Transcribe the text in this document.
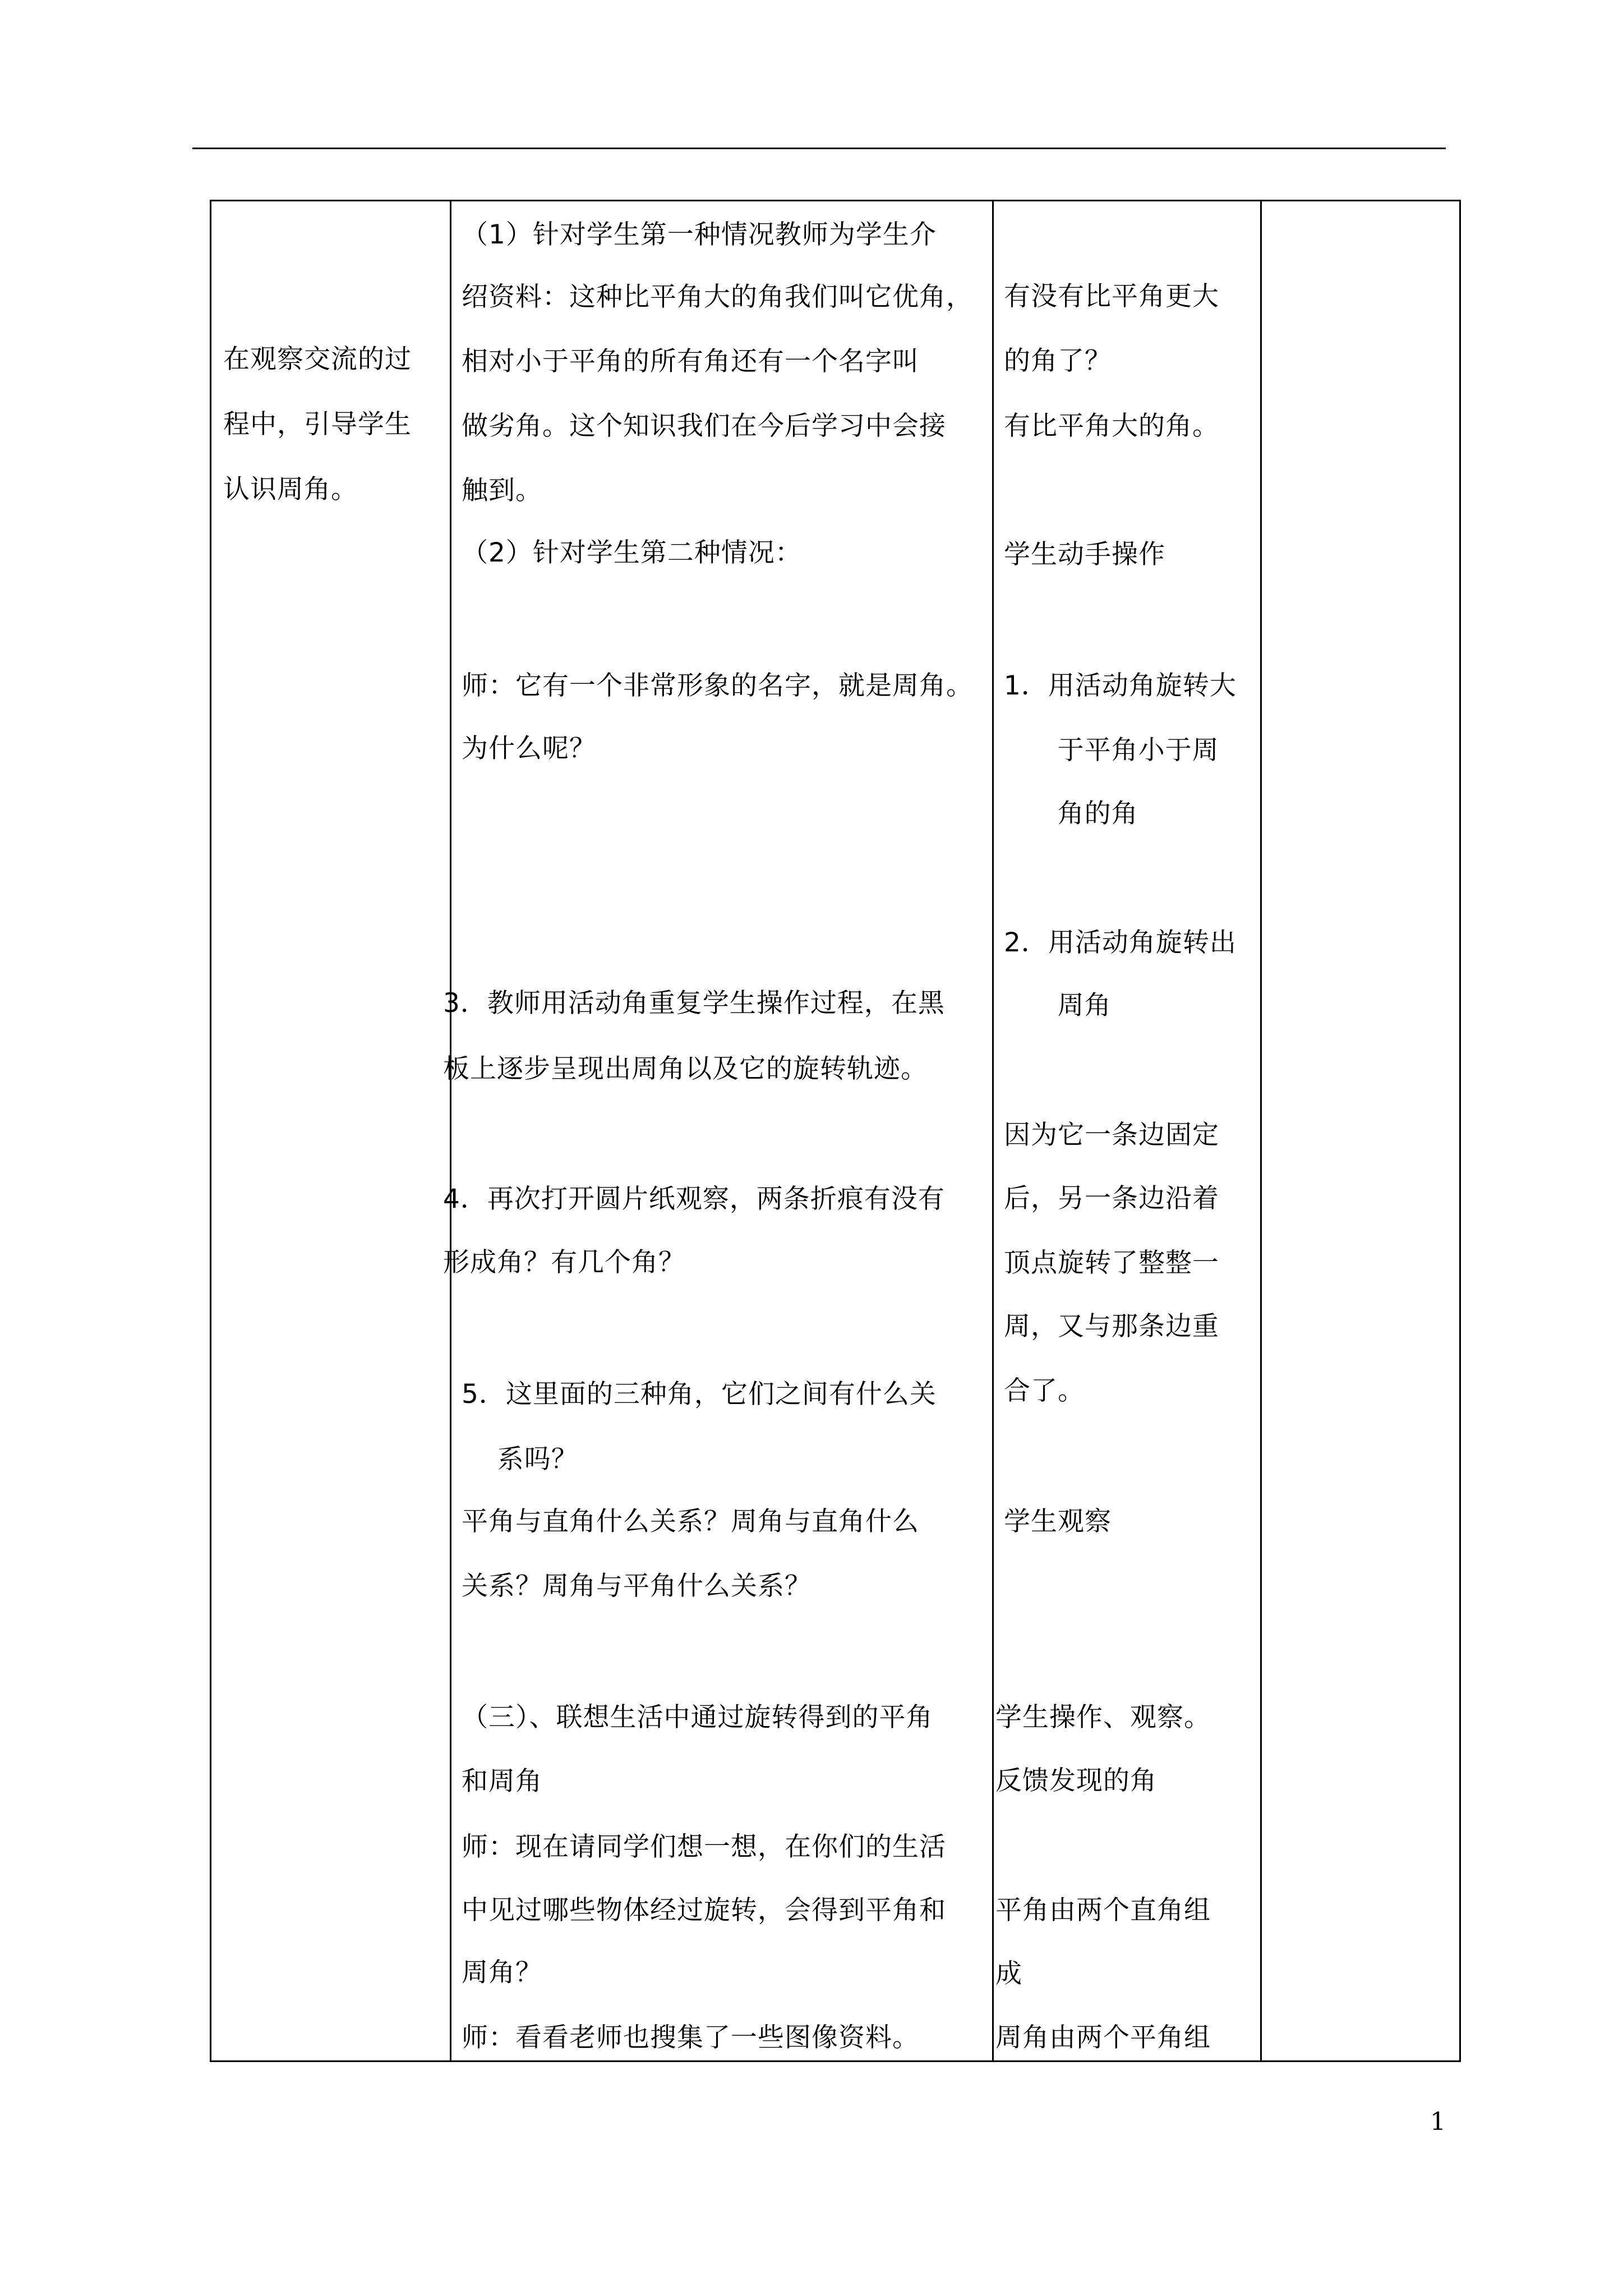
在观察交流的过
程中，引导学生
认识周角。
（1）针对学生第一种情况教师为学生介
绍资料：这种比平角大的角我们叫它优角，
相对小于平角的所有角还有一个名字叫
做劣角。这个知识我们在今后学习中会接
触到。
（2）针对学生第二种情况：
师：它有一个非常形象的名字，就是周角。
为什么呢？
3．教师用活动角重复学生操作过程，在黑
板上逐步呈现出周角以及它的旋转轨迹。
4．再次打开圆片纸观察，两条折痕有没有
形成角？有几个角？
5．这里面的三种角，它们之间有什么关
系吗？
平角与直角什么关系？周角与直角什么
关系？周角与平角什么关系？
（三）、联想生活中通过旋转得到的平角
和周角
师：现在请同学们想一想，在你们的生活
中见过哪些物体经过旋转，会得到平角和
周角？
师：看看老师也搜集了一些图像资料。
有没有比平角更大
的角了？
有比平角大的角。
学生动手操作
1．用活动角旋转大
于平角小于周
角的角
2．用活动角旋转出
周角
因为它一条边固定
后，另一条边沿着
顶点旋转了整整一
周，又与那条边重
合了。
学生观察
学生操作、观察。
反馈发现的角
平角由两个直角组
成
周角由两个平角组
1
